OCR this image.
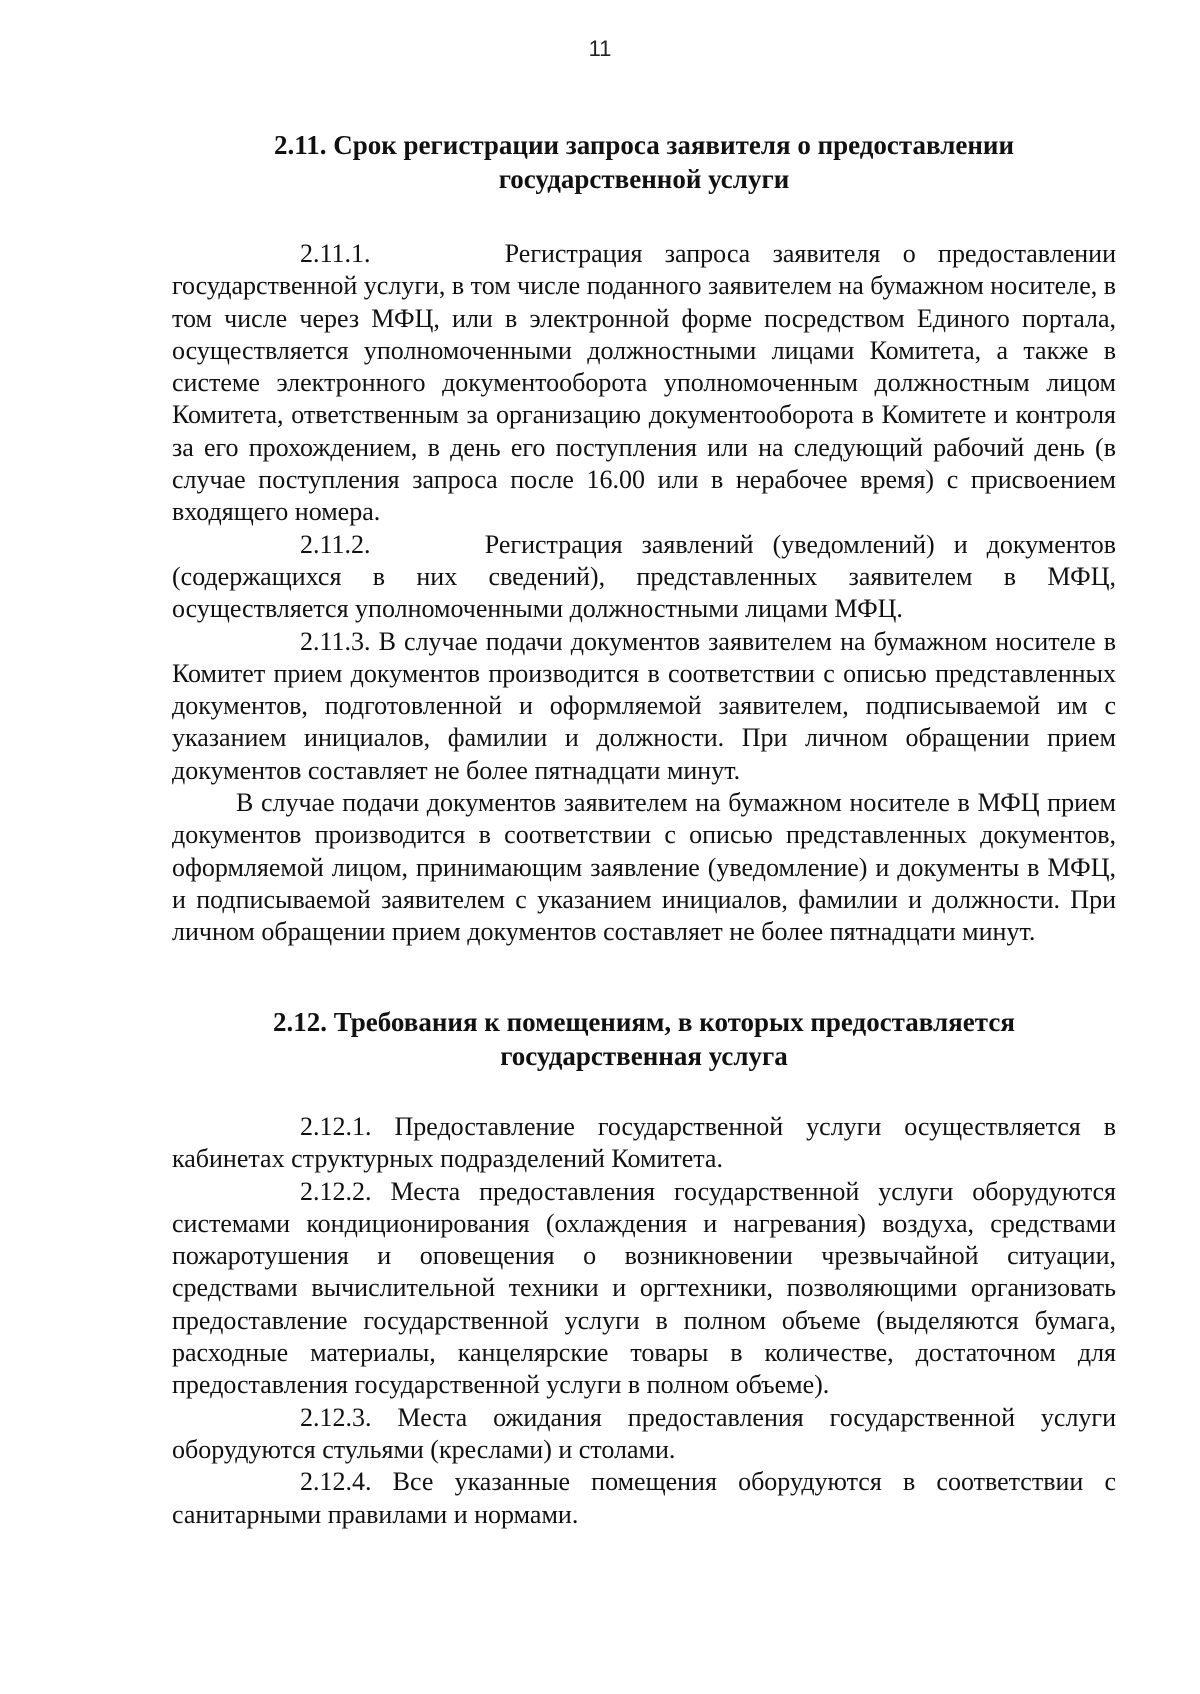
11

2.11. Срок регистрации запроса заявителя о предоставлении
государственной услуги

2.11.1.	Регистрация запроса заявителя о предоставлении государственной услуги, в том числе поданного заявителем на бумажном носителе, в том числе через МФЦ, или в электронной форме посредством Единого портала, осуществляется уполномоченными должностными лицами Комитета, а также в системе электронного документооборота уполномоченным должностным лицом Комитета, ответственным за организацию документооборота в Комитете и контроля за его прохождением, в день его поступления или на следующий рабочий день (в случае поступления запроса после 16.00 или в нерабочее время) с присвоением входящего номера.

2.11.2.	Регистрация заявлений (уведомлений) и документов (содержащихся в них сведений), представленных заявителем в МФЦ, осуществляется уполномоченными должностными лицами МФЦ.

2.11.3. В случае подачи документов заявителем на бумажном носителе в Комитет прием документов производится в соответствии с описью представленных документов, подготовленной и оформляемой заявителем, подписываемой им с указанием инициалов, фамилии и должности. При личном обращении прием документов составляет не более пятнадцати минут.

В случае подачи документов заявителем на бумажном носителе в МФЦ прием документов производится в соответствии с описью представленных документов, оформляемой лицом, принимающим заявление (уведомление) и документы в МФЦ, и подписываемой заявителем с указанием инициалов, фамилии и должности. При личном обращении прием документов составляет не более пятнадцати минут.

2.12. Требования к помещениям, в которых предоставляется
государственная услуга

2.12.1. Предоставление государственной услуги осуществляется в кабинетах структурных подразделений Комитета.

2.12.2. Места предоставления государственной услуги оборудуются системами кондиционирования (охлаждения и нагревания) воздуха, средствами пожаротушения и оповещения о возникновении чрезвычайной ситуации, средствами вычислительной техники и оргтехники, позволяющими организовать предоставление государственной услуги в полном объеме (выделяются бумага, расходные материалы, канцелярские товары в количестве, достаточном для предоставления государственной услуги в полном объеме).

2.12.3. Места ожидания предоставления государственной услуги оборудуются стульями (креслами) и столами.

2.12.4. Все указанные помещения оборудуются в соответствии с санитарными правилами и нормами.
